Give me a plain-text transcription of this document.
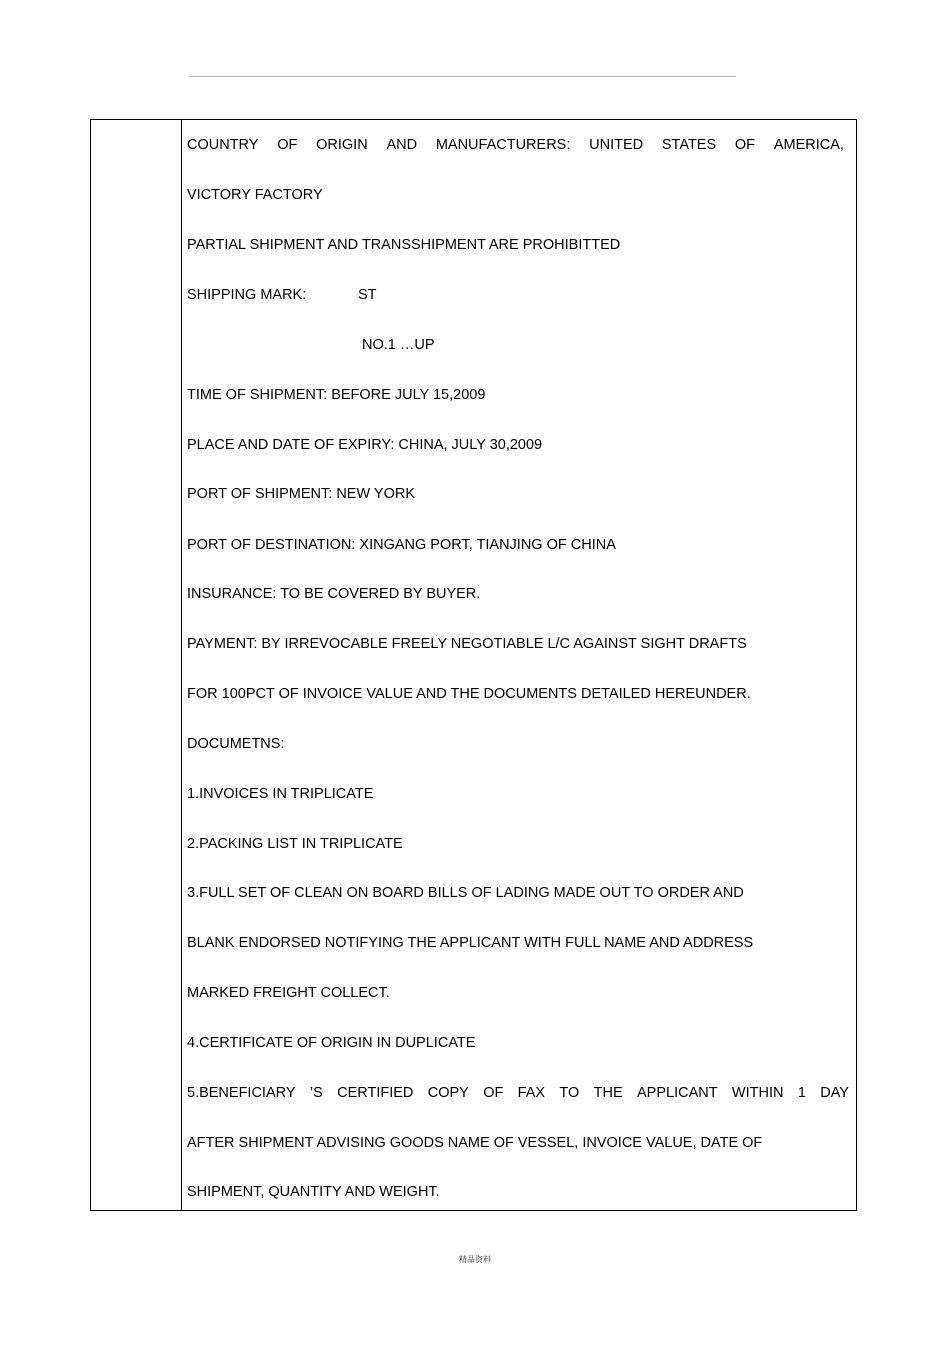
COUNTRY OF ORIGIN AND MANUFACTURERS: UNITED STATES OF AMERICA,
VICTORY FACTORY
PARTIAL SHIPMENT AND TRANSSHIPMENT ARE PROHIBITTED
SHIPPING MARK:	ST
NO.1 …UP
TIME OF SHIPMENT: BEFORE JULY 15,2009
PLACE AND DATE OF EXPIRY: CHINA, JULY 30,2009
PORT OF SHIPMENT: NEW YORK
PORT OF DESTINATION: XINGANG PORT, TIANJING OF CHINA
INSURANCE: TO BE COVERED BY BUYER.
PAYMENT: BY IRREVOCABLE FREELY NEGOTIABLE L/C AGAINST SIGHT DRAFTS
FOR 100PCT OF INVOICE VALUE AND THE DOCUMENTS DETAILED HEREUNDER.
DOCUMETNS:
1.INVOICES IN TRIPLICATE
2.PACKING LIST IN TRIPLICATE
3.FULL SET OF CLEAN ON BOARD BILLS OF LADING MADE OUT TO ORDER AND
BLANK ENDORSED NOTIFYING THE APPLICANT WITH FULL NAME AND ADDRESS
MARKED FREIGHT COLLECT.
4.CERTIFICATE OF ORIGIN IN DUPLICATE
5.BENEFICIARY ’S CERTIFIED COPY OF FAX TO THE APPLICANT WITHIN 1 DAY
AFTER SHIPMENT ADVISING GOODS NAME OF VESSEL, INVOICE VALUE, DATE OF
SHIPMENT, QUANTITY AND WEIGHT.
精品资料
